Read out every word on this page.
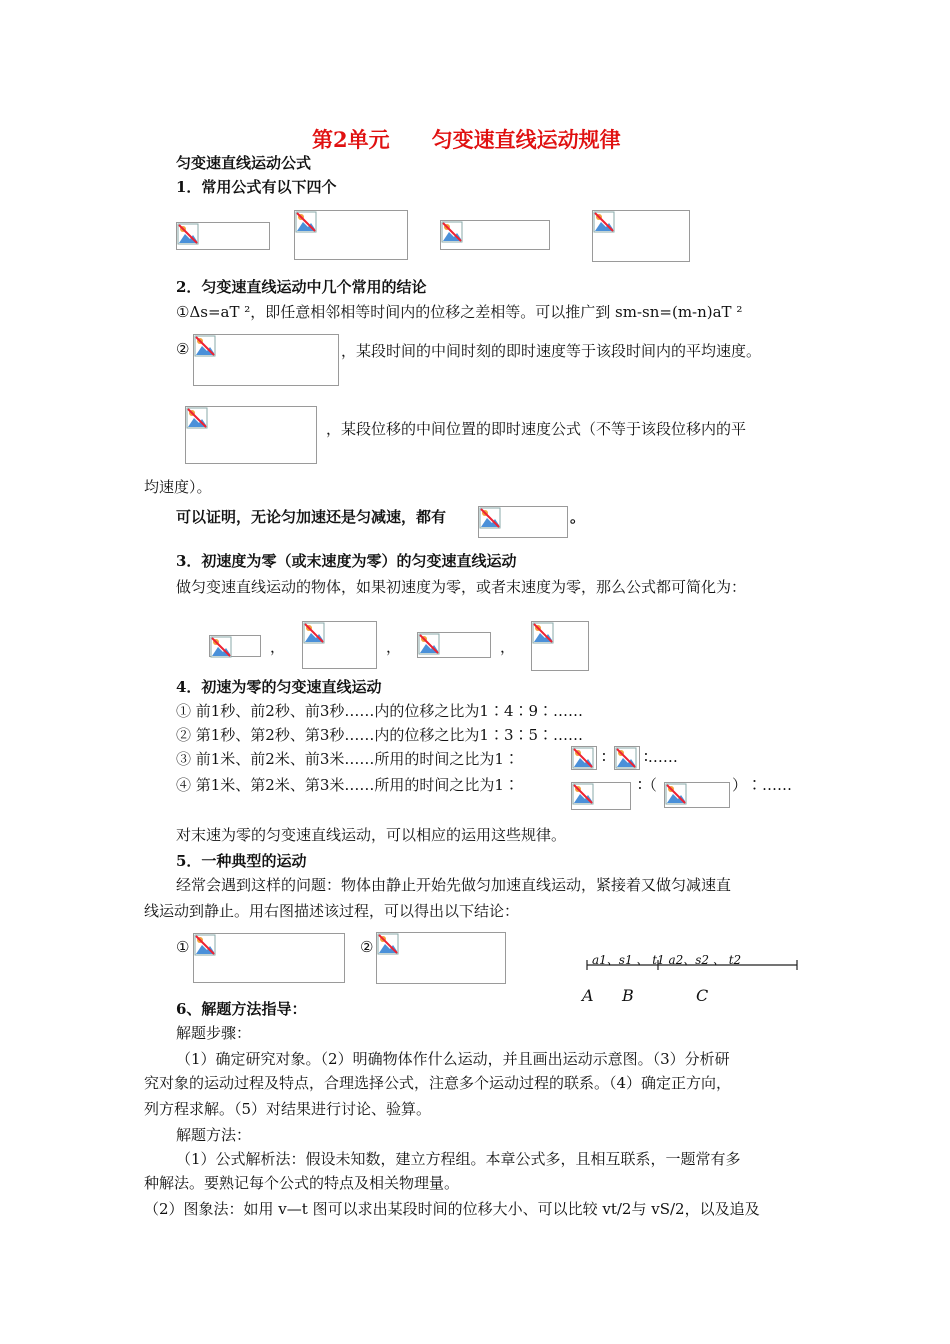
第2单元　　匀变速直线运动规律
匀变速直线运动公式
1．常用公式有以下四个
2．匀变速直线运动中几个常用的结论
①Δs=aT ²，即任意相邻相等时间内的位移之差相等。可以推广到 sm-sn=(m-n)aT ²
②	，某段时间的中间时刻的即时速度等于该段时间内的平均速度。
，某段位移的中间位置的即时速度公式（不等于该段位移内的平
均速度）。
可以证明，无论匀加速还是匀减速，都有	。
3．初速度为零（或末速度为零）的匀变速直线运动
做匀变速直线运动的物体，如果初速度为零，或者末速度为零，那么公式都可简化为：
，	，	，
4．初速为零的匀变速直线运动
① 前1秒、前2秒、前3秒……内的位移之比为1∶4∶9∶……
② 第1秒、第2秒、第3秒……内的位移之比为1∶3∶5∶……
③ 前1米、前2米、前3米……所用的时间之比为1∶	∶	∶……
④ 第1米、第2米、第3米……所用的时间之比为1∶	∶（	）∶……
对末速为零的匀变速直线运动，可以相应的运用这些规律。
5．一种典型的运动
经常会遇到这样的问题：物体由静止开始先做匀加速直线运动，紧接着又做匀减速直
线运动到静止。用右图描述该过程，可以得出以下结论：
①	②
a1、s1 、 t1 a2、s2 、 t2
A B	C
6、解题方法指导：
解题步骤：
（1）确定研究对象。（2）明确物体作什么运动，并且画出运动示意图。（3）分析研
究对象的运动过程及特点，合理选择公式，注意多个运动过程的联系。（4）确定正方向，
列方程求解。（5）对结果进行讨论、验算。
解题方法：
（1）公式解析法：假设未知数，建立方程组。本章公式多，且相互联系，一题常有多
种解法。要熟记每个公式的特点及相关物理量。
（2）图象法：如用 v—t 图可以求出某段时间的位移大小、可以比较 vt/2与 vS/2，以及追及
